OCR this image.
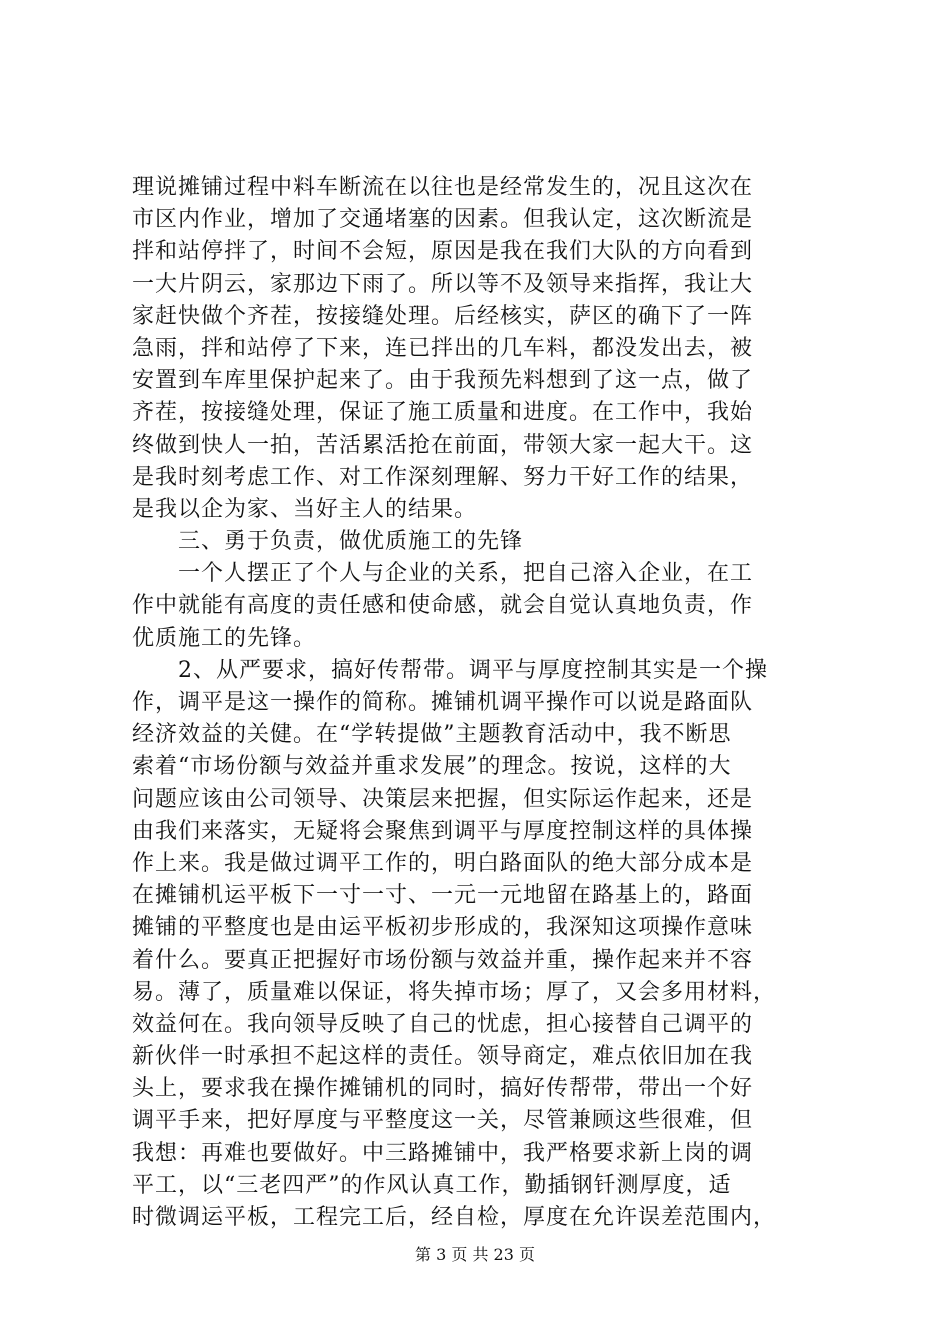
理说摊铺过程中料车断流在以往也是经常发生的，况且这次在
市区内作业，增加了交通堵塞的因素。但我认定，这次断流是
拌和站停拌了，时间不会短，原因是我在我们大队的方向看到
一大片阴云，家那边下雨了。所以等不及领导来指挥，我让大
家赶快做个齐茬，按接缝处理。后经核实，萨区的确下了一阵
急雨，拌和站停了下来，连已拌出的几车料，都没发出去，被
安置到车库里保护起来了。由于我预先料想到了这一点，做了
齐茬，按接缝处理，保证了施工质量和进度。在工作中，我始
终做到快人一拍，苦活累活抢在前面，带领大家一起大干。这
是我时刻考虑工作、对工作深刻理解、努力干好工作的结果，
是我以企为家、当好主人的结果。
　　三、勇于负责，做优质施工的先锋
　　一个人摆正了个人与企业的关系，把自己溶入企业，在工
作中就能有高度的责任感和使命感，就会自觉认真地负责，作
优质施工的先锋。
　　2、从严要求，搞好传帮带。调平与厚度控制其实是一个操
作，调平是这一操作的简称。摊铺机调平操作可以说是路面队
经济效益的关健。在“学转提做”主题教育活动中，我不断思
索着“市场份额与效益并重求发展”的理念。按说，这样的大
问题应该由公司领导、决策层来把握，但实际运作起来，还是
由我们来落实，无疑将会聚焦到调平与厚度控制这样的具体操
作上来。我是做过调平工作的，明白路面队的绝大部分成本是
在摊铺机运平板下一寸一寸、一元一元地留在路基上的，路面
摊铺的平整度也是由运平板初步形成的，我深知这项操作意味
着什么。要真正把握好市场份额与效益并重，操作起来并不容
易。薄了，质量难以保证，将失掉市场；厚了，又会多用材料，
效益何在。我向领导反映了自己的忧虑，担心接替自己调平的
新伙伴一时承担不起这样的责任。领导商定，难点依旧加在我
头上，要求我在操作摊铺机的同时，搞好传帮带，带出一个好
调平手来，把好厚度与平整度这一关，尽管兼顾这些很难，但
我想：再难也要做好。中三路摊铺中，我严格要求新上岗的调
平工，以“三老四严”的作风认真工作，勤插钢钎测厚度，适
时微调运平板，工程完工后，经自检，厚度在允许误差范围内，
第 3 页 共 23 页
